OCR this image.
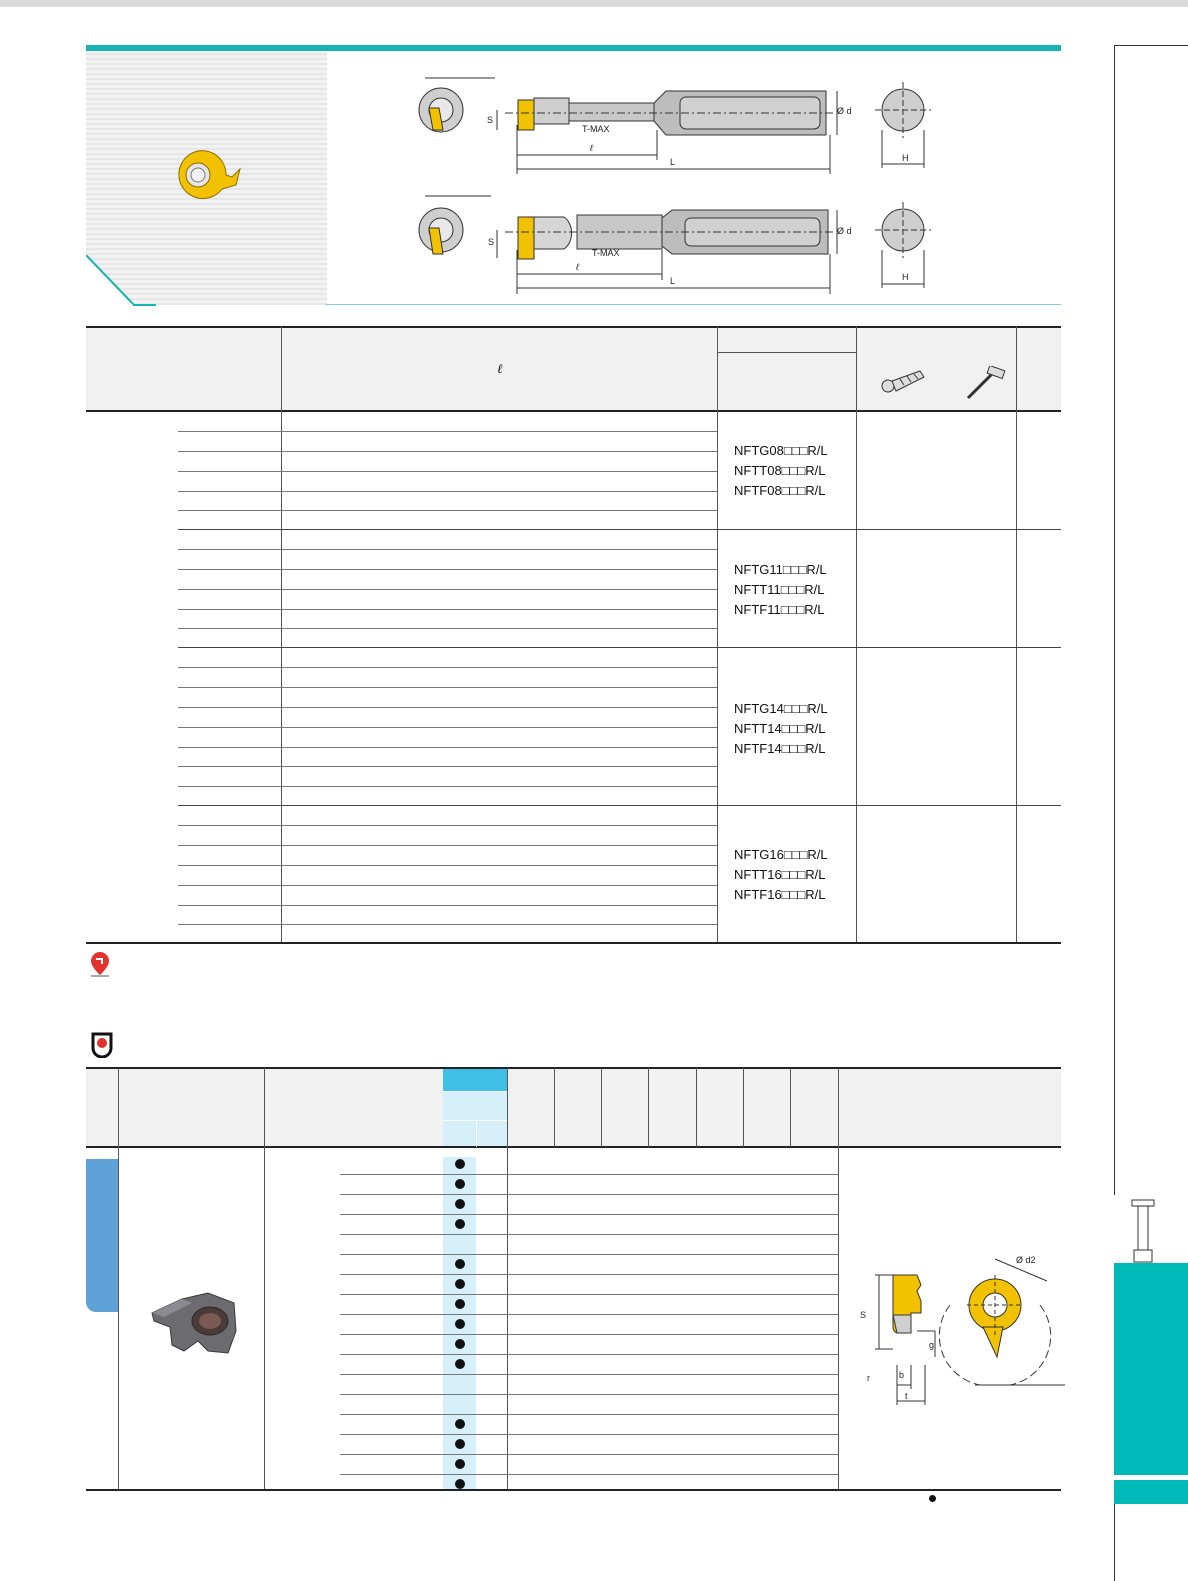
S
T-MAX
ℓ
L
Ø d
H
S
T-MAX
ℓ
L
Ø d
H
ℓ
NFTG08□□□R/L
NFTT08□□□R/L
NFTF08□□□R/L
NFTG11□□□R/L
NFTT11□□□R/L
NFTF11□□□R/L
NFTG14□□□R/L
NFTT14□□□R/L
NFTF14□□□R/L
NFTG16□□□R/L
NFTT16□□□R/L
NFTF16□□□R/L
S
g
b
t
r
Ø d2
